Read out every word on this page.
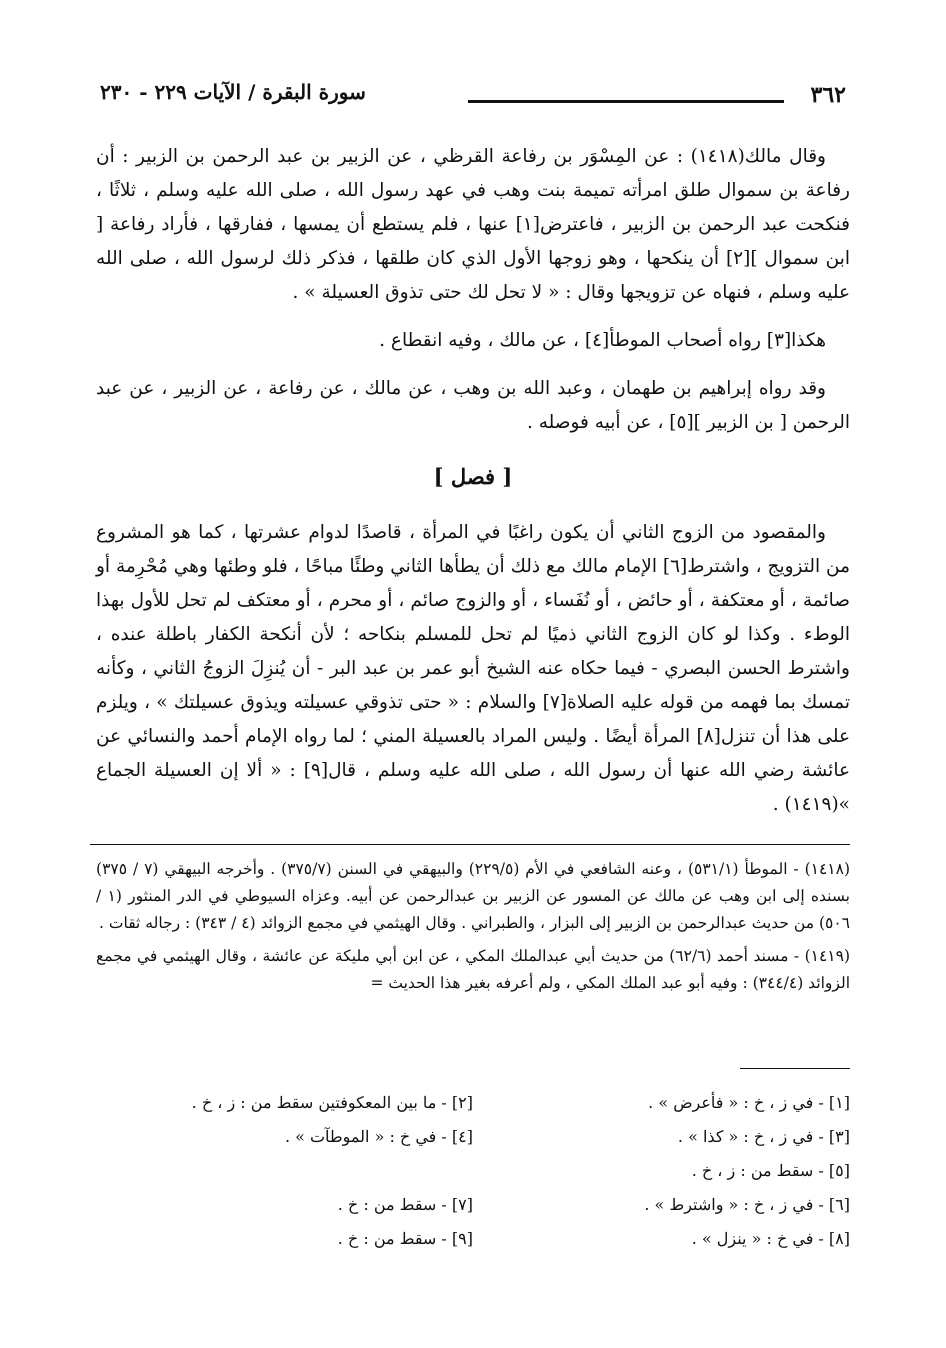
٣٦٢
سورة البقرة / الآيات ٢٢٩ - ٢٣٠

وقال مالك(١٤١٨) : عن المِسْوَر بن رفاعة القرظي ، عن الزبير بن عبد الرحمن بن الزبير : أن رفاعة بن سموال طلق امرأته تميمة بنت وهب في عهد رسول الله ، صلى الله عليه وسلم ، ثلاثًا ، فنكحت عبد الرحمن بن الزبير ، فاعترض[١] عنها ، فلم يستطع أن يمسها ، ففارقها ، فأراد رفاعة [ ابن سموال ][٢] أن ينكحها ، وهو زوجها الأول الذي كان طلقها ، فذكر ذلك لرسول الله ، صلى الله عليه وسلم ، فنهاه عن تزويجها وقال : « لا تحل لك حتى تذوق العسيلة » .

هكذا[٣] رواه أصحاب الموطأ[٤] ، عن مالك ، وفيه انقطاع .

وقد رواه إبراهيم بن طهمان ، وعبد الله بن وهب ، عن مالك ، عن رفاعة ، عن الزبير ، عن عبد الرحمن [ بن الزبير ][٥] ، عن أبيه فوصله .

[ فصل ]

والمقصود من الزوج الثاني أن يكون راغبًا في المرأة ، قاصدًا لدوام عشرتها ، كما هو المشروع من التزويج ، واشترط[٦] الإمام مالك مع ذلك أن يطأها الثاني وطئًا مباحًا ، فلو وطئها وهي مُحْرِمة أو صائمة ، أو معتكفة ، أو حائض ، أو نُفَساء ، أو والزوج صائم ، أو محرم ، أو معتكف لم تحل للأول بهذا الوطء . وكذا لو كان الزوج الثاني ذميًا لم تحل للمسلم بنكاحه ؛ لأن أنكحة الكفار باطلة عنده ، واشترط الحسن البصري - فيما حكاه عنه الشيخ أبو عمر بن عبد البر - أن يُنزِلَ الزوجُ الثاني ، وكأنه تمسك بما فهمه من قوله عليه الصلاة[٧] والسلام : « حتى تذوقي عسيلته ويذوق عسيلتك » ، ويلزم على هذا أن تنزل[٨] المرأة أيضًا . وليس المراد بالعسيلة المني ؛ لما رواه الإمام أحمد والنسائي عن عائشة رضي الله عنها أن رسول الله ، صلى الله عليه وسلم ، قال[٩] : « ألا إن العسيلة الجماع »(١٤١٩) .

(١٤١٨) - الموطأ (٥٣١/١) ، وعنه الشافعي في الأم (٢٢٩/٥) والبيهقي في السنن (٣٧٥/٧) . وأخرجه البيهقي (٧ / ٣٧٥) بسنده إلى ابن وهب عن مالك عن المسور عن الزبير بن عبدالرحمن عن أبيه. وعزاه السيوطي في الدر المنثور (١ / ٥٠٦) من حديث عبدالرحمن بن الزبير إلى البزار ، والطبراني . وقال الهيثمي في مجمع الزوائد (٤ / ٣٤٣) : رجاله ثقات .

(١٤١٩) - مسند أحمد (٦٢/٦) من حديث أبي عبدالملك المكي ، عن ابن أبي مليكة عن عائشة ، وقال الهيثمي في مجمع الزوائد (٣٤٤/٤) : وفيه أبو عبد الملك المكي ، ولم أعرفه بغير هذا الحديث =

[١] - في ز ، خ : « فأعرض » .
[٢] - ما بين المعكوفتين سقط من : ز ، خ .
[٣] - في ز ، خ : « كذا » .
[٤] - في خ : « الموطآت » .
[٥] - سقط من : ز ، خ .
[٦] - في ز ، خ : « واشترط » .
[٧] - سقط من : خ .
[٨] - في خ : « ينزل » .
[٩] - سقط من : خ .
